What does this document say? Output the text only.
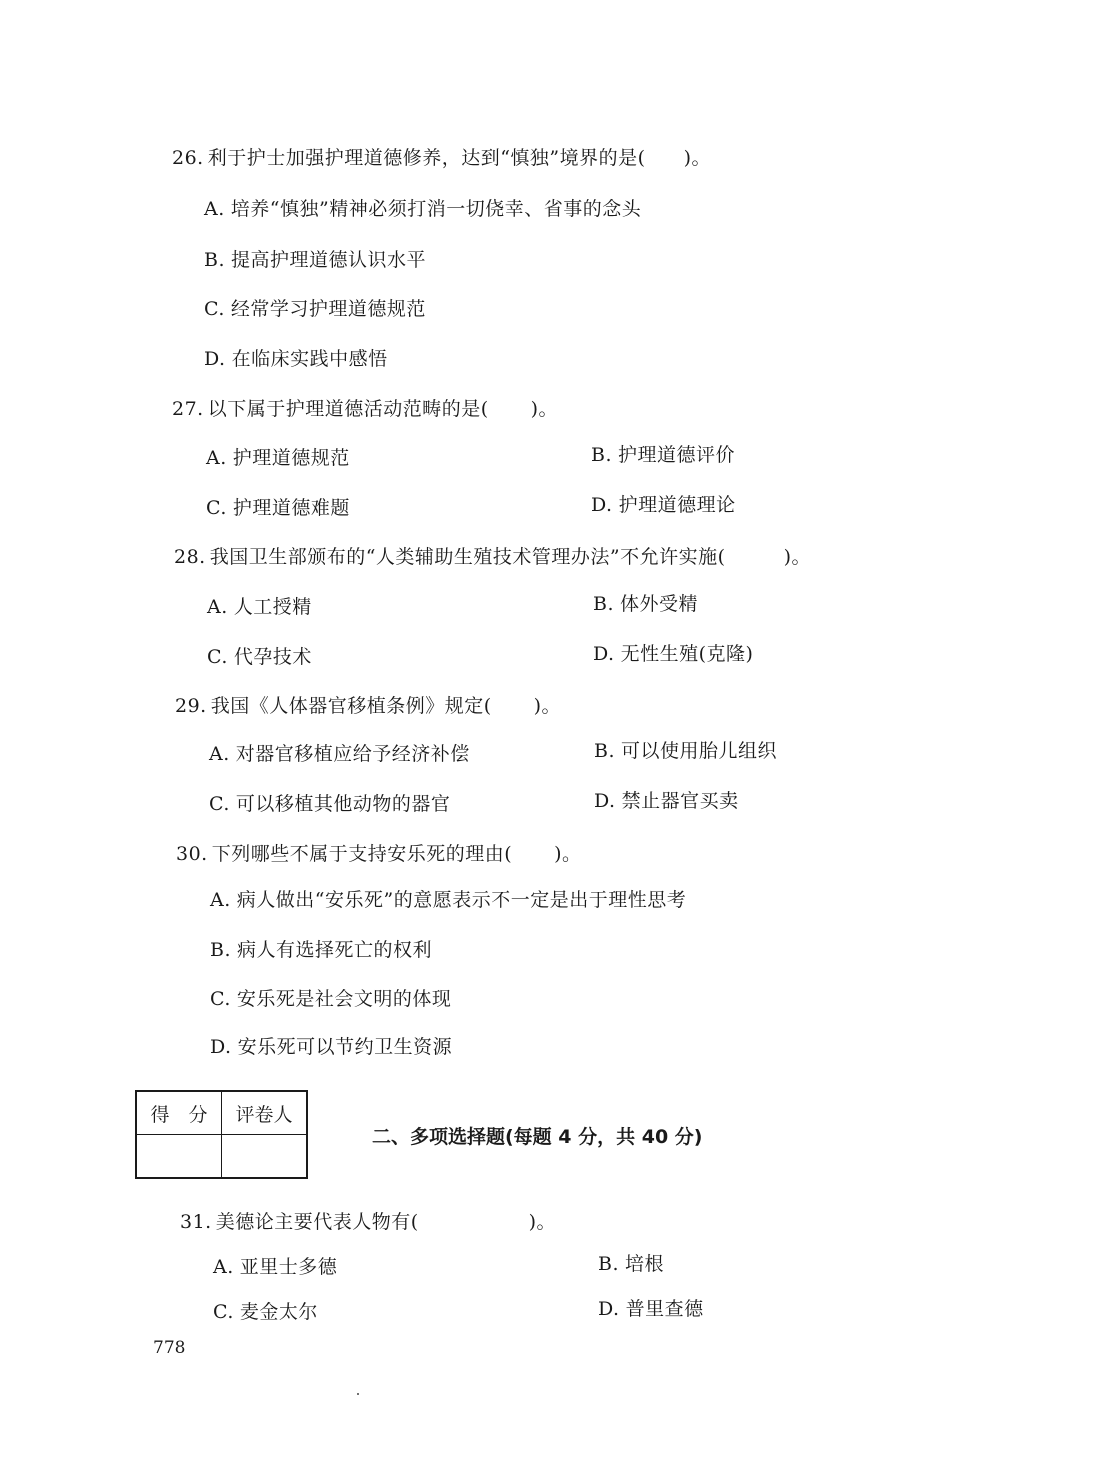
26. 利于护士加强护理道德修养，达到“慎独”境界的是( )。
A. 培养“慎独”精神必须打消一切侥幸、省事的念头
B. 提高护理道德认识水平
C. 经常学习护理道德规范
D. 在临床实践中感悟
27. 以下属于护理道德活动范畴的是( )。
A. 护理道德规范	B. 护理道德评价
C. 护理道德难题	D. 护理道德理论
28. 我国卫生部颁布的“人类辅助生殖技术管理办法”不允许实施(	)。
A. 人工授精	B. 体外受精
C. 代孕技术	D. 无性生殖(克隆)
29. 我国《人体器官移植条例》规定( )。
A. 对器官移植应给予经济补偿	B. 可以使用胎儿组织
C. 可以移植其他动物的器官	D. 禁止器官买卖
30. 下列哪些不属于支持安乐死的理由( )。
A. 病人做出“安乐死”的意愿表示不一定是出于理性思考
B. 病人有选择死亡的权利
C. 安乐死是社会文明的体现
D. 安乐死可以节约卫生资源
得　分	评卷人

二、多项选择题(每题 4 分，共 40 分)
31. 美德论主要代表人物有(	)。
A. 亚里士多德	B. 培根
C. 麦金太尔	D. 普里查德
778
